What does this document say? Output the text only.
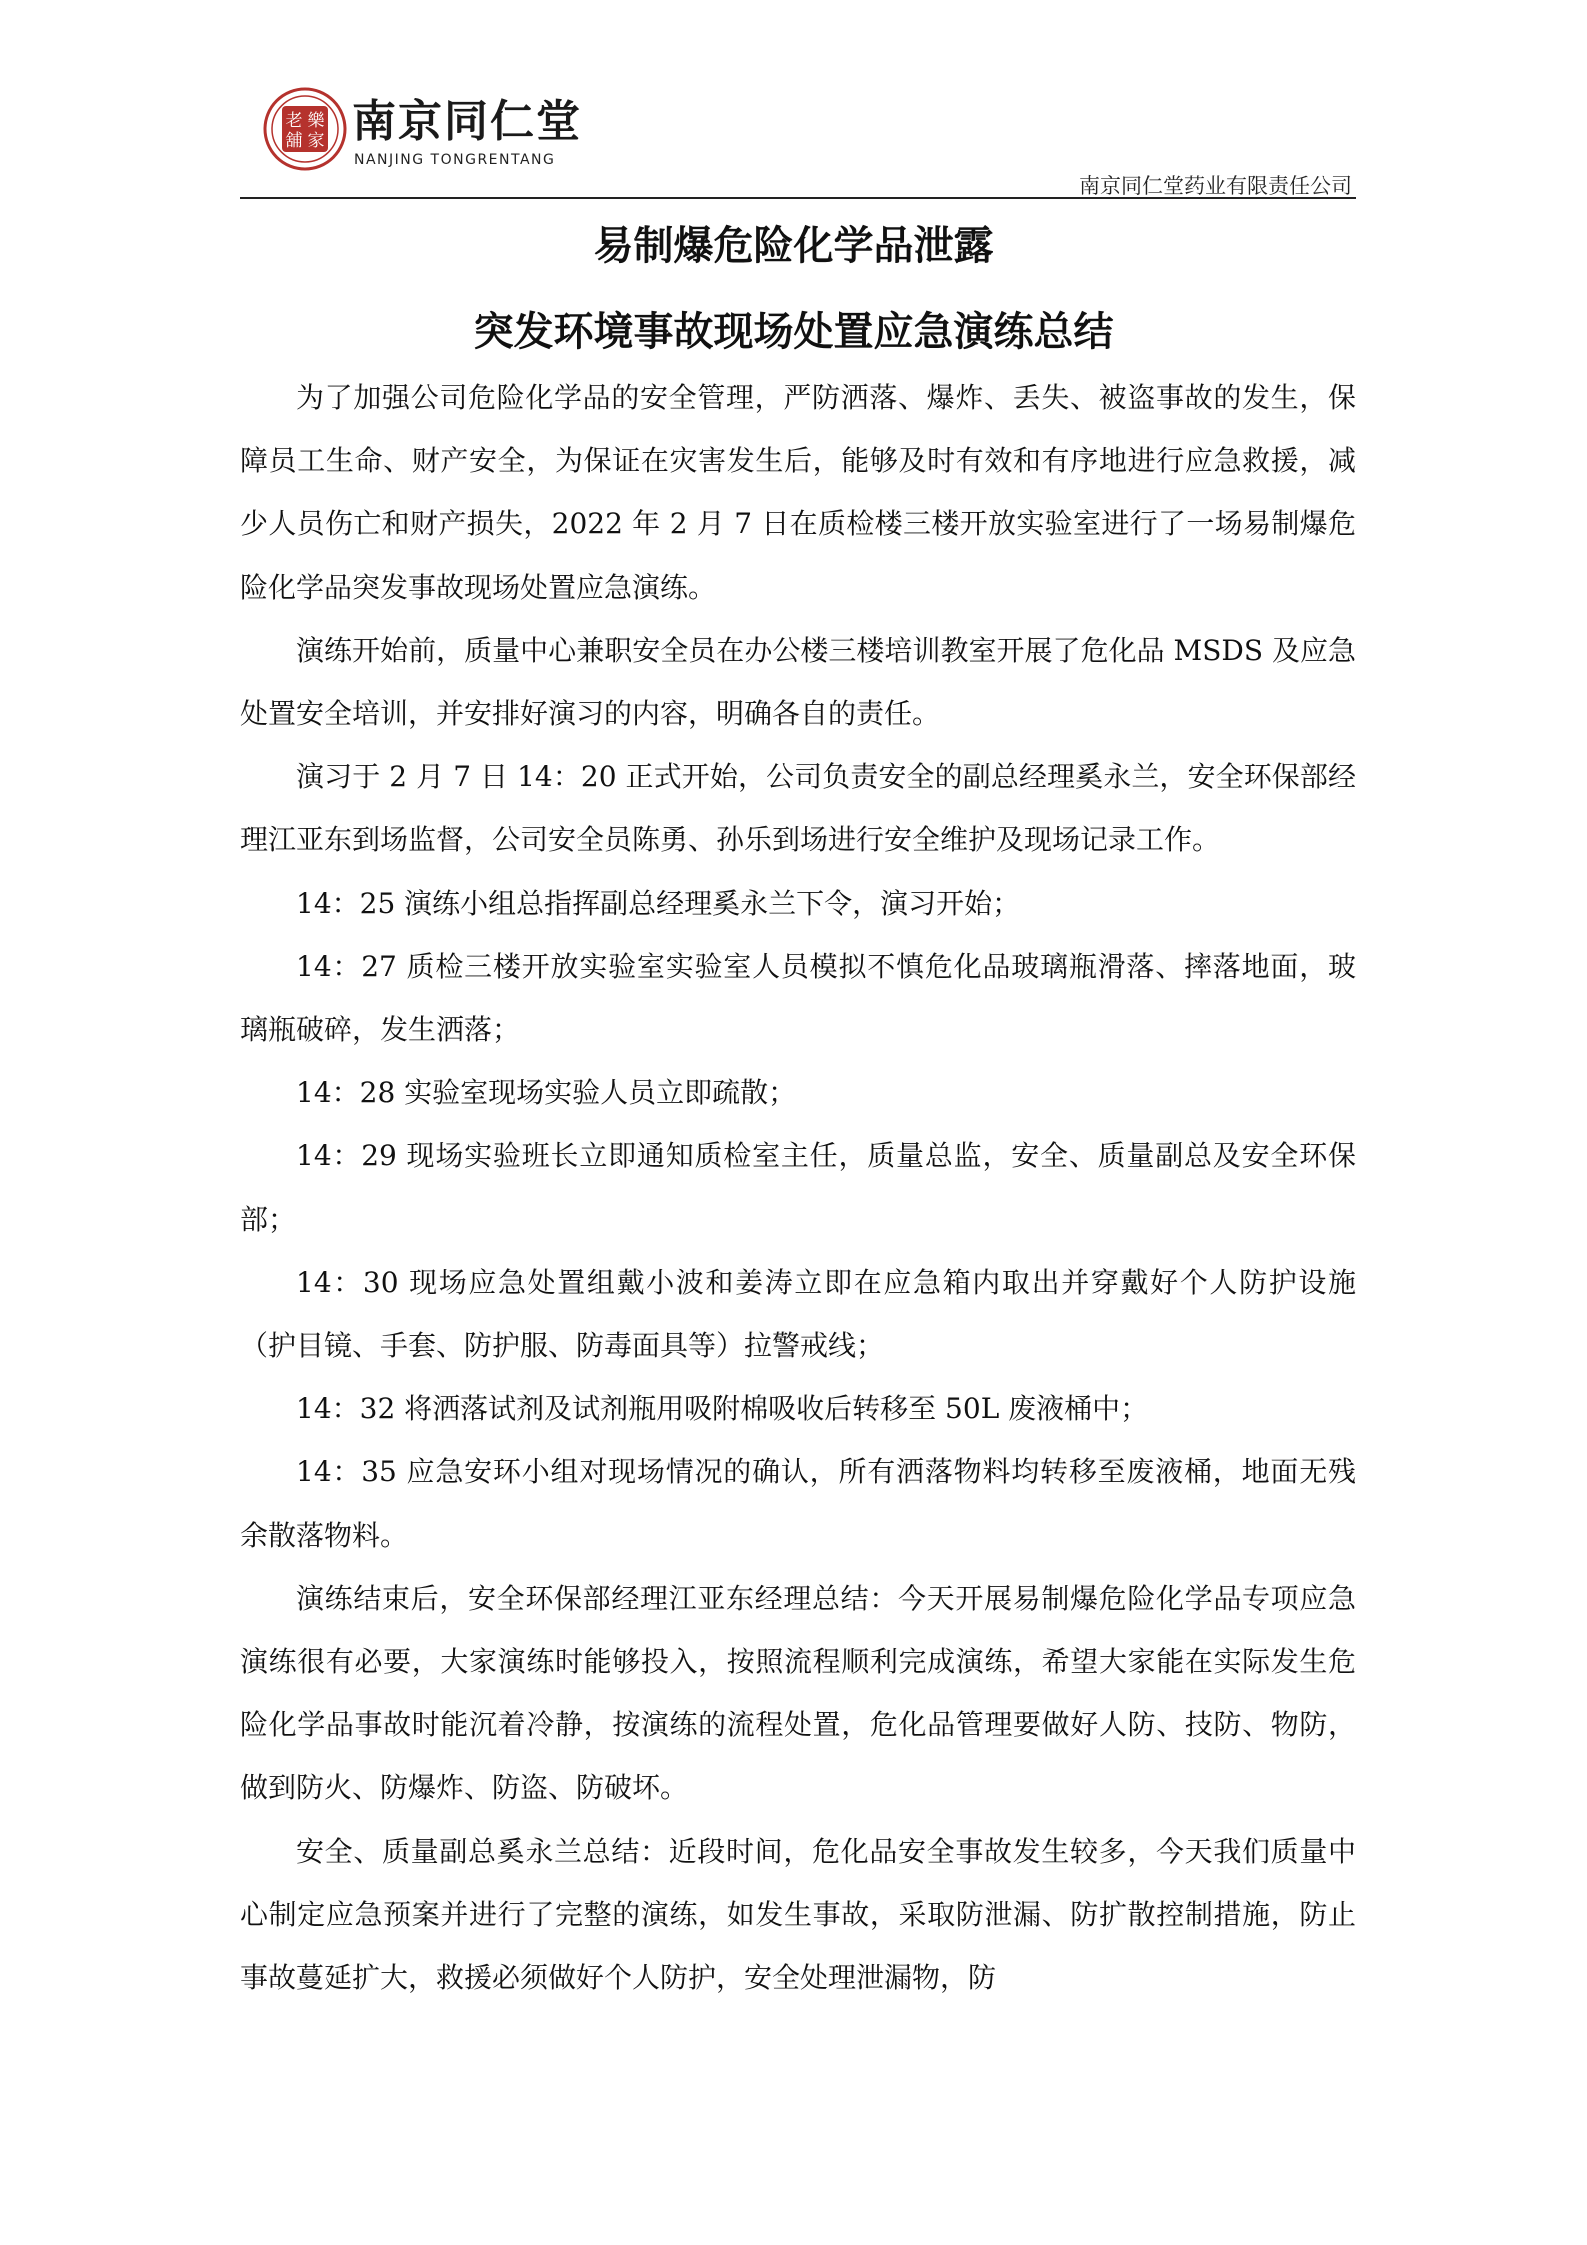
老 樂
舖 家 南京同仁堂
NANJING TONGRENTANG
南京同仁堂药业有限责任公司
易制爆危险化学品泄露
突发环境事故现场处置应急演练总结

为了加强公司危险化学品的安全管理，严防洒落、爆炸、丢失、被盗事故的发生，保障员工生命、财产安全，为保证在灾害发生后，能够及时有效和有序地进行应急救援，减少人员伤亡和财产损失，2022 年 2 月 7 日在质检楼三楼开放实验室进行了一场易制爆危险化学品突发事故现场处置应急演练。

演练开始前，质量中心兼职安全员在办公楼三楼培训教室开展了危化品 MSDS 及应急处置安全培训，并安排好演习的内容，明确各自的责任。

演习于 2 月 7 日 14：20 正式开始，公司负责安全的副总经理奚永兰，安全环保部经理江亚东到场监督，公司安全员陈勇、孙乐到场进行安全维护及现场记录工作。

14：25 演练小组总指挥副总经理奚永兰下令，演习开始；

14：27 质检三楼开放实验室实验室人员模拟不慎危化品玻璃瓶滑落、摔落地面，玻璃瓶破碎，发生洒落；

14：28 实验室现场实验人员立即疏散；

14：29 现场实验班长立即通知质检室主任，质量总监，安全、质量副总及安全环保部；

14：30 现场应急处置组戴小波和姜涛立即在应急箱内取出并穿戴好个人防护设施（护目镜、手套、防护服、防毒面具等）拉警戒线；

14：32 将洒落试剂及试剂瓶用吸附棉吸收后转移至 50L 废液桶中；

14：35 应急安环小组对现场情况的确认，所有洒落物料均转移至废液桶，地面无残余散落物料。

演练结束后，安全环保部经理江亚东经理总结：今天开展易制爆危险化学品专项应急演练很有必要，大家演练时能够投入，按照流程顺利完成演练，希望大家能在实际发生危险化学品事故时能沉着冷静，按演练的流程处置，危化品管理要做好人防、技防、物防，做到防火、防爆炸、防盗、防破坏。

安全、质量副总奚永兰总结：近段时间，危化品安全事故发生较多，今天我们质量中心制定应急预案并进行了完整的演练，如发生事故，采取防泄漏、防扩散控制措施，防止事故蔓延扩大，救援必须做好个人防护，安全处理泄漏物，防
